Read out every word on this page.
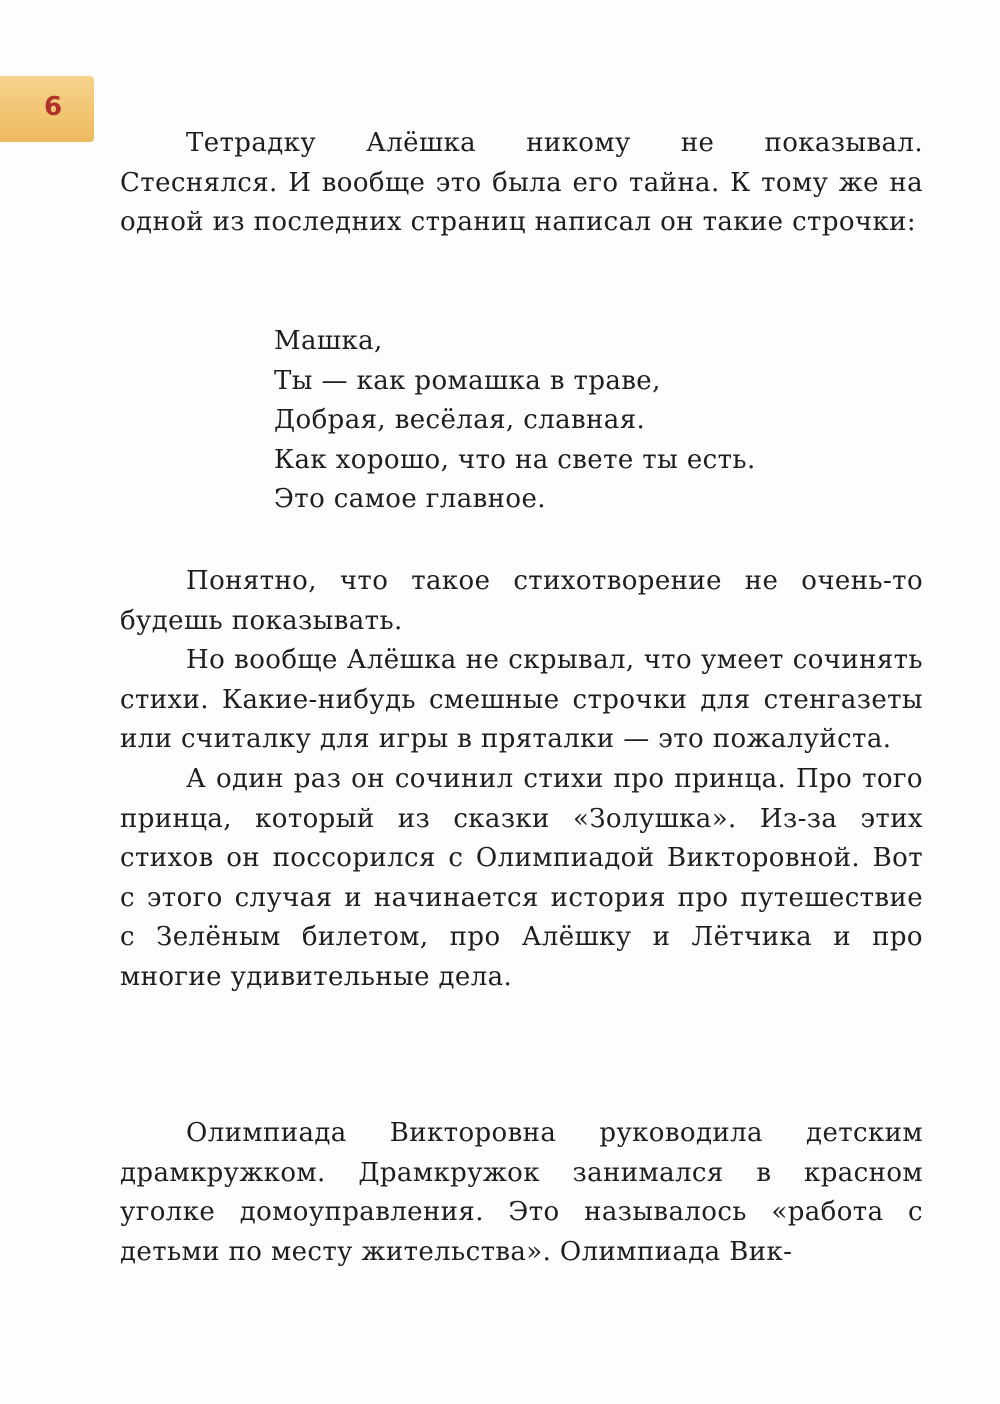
6

Тетрадку Алёшка никому не показывал. Стеснялся. И вообще это была его тайна. К тому же на одной из последних страниц написал он такие строчки:

Машка,
Ты — как ромашка в траве,
Добрая, весёлая, славная.
Как хорошо, что на свете ты есть.
Это самое главное.

Понятно, что такое стихотворение не очень-то будешь показывать.

Но вообще Алёшка не скрывал, что умеет сочинять стихи. Какие-нибудь смешные строчки для стенгазеты или считалку для игры в пряталки — это пожалуйста.

А один раз он сочинил стихи про принца. Про того принца, который из сказки «Золушка». Из-за этих стихов он поссорился с Олимпиадой Викторовной. Вот с этого случая и начинается история про путешествие с Зелёным билетом, про Алёшку и Лётчика и про многие удивительные дела.

Олимпиада Викторовна руководила детским драмкружком. Драмкружок занимался в красном уголке домоуправления. Это называлось «работа с детьми по месту жительства». Олимпиада Вик-
